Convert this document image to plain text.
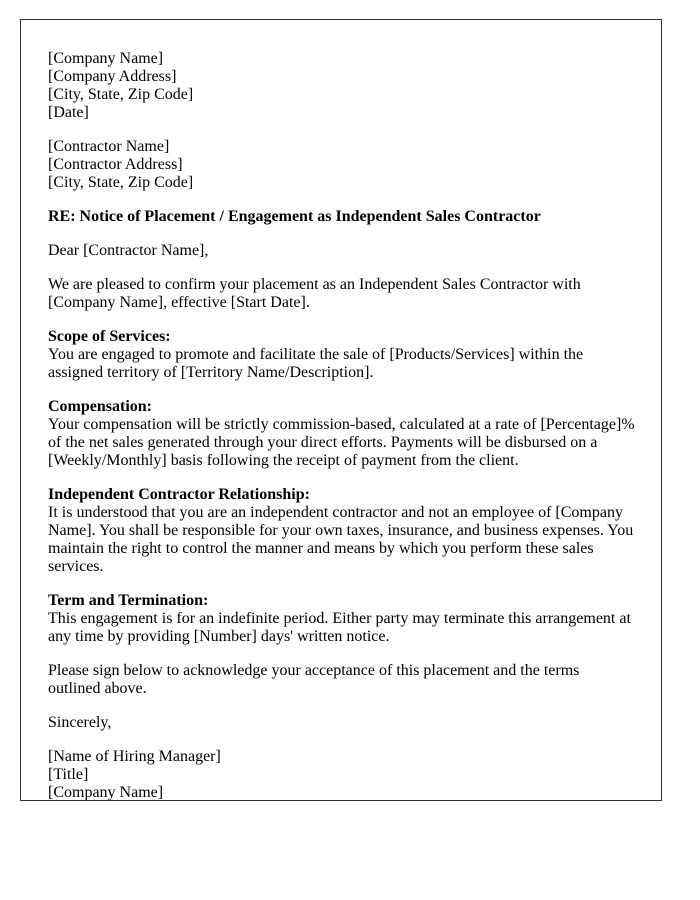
[Company Name]
[Company Address]
[City, State, Zip Code]
[Date]

[Contractor Name]
[Contractor Address]
[City, State, Zip Code]

RE: Notice of Placement / Engagement as Independent Sales Contractor

Dear [Contractor Name],

We are pleased to confirm your placement as an Independent Sales Contractor with [Company Name], effective [Start Date].

Scope of Services:
You are engaged to promote and facilitate the sale of [Products/Services] within the assigned territory of [Territory Name/Description].

Compensation:
Your compensation will be strictly commission-based, calculated at a rate of [Percentage]% of the net sales generated through your direct efforts. Payments will be disbursed on a [Weekly/Monthly] basis following the receipt of payment from the client.

Independent Contractor Relationship:
It is understood that you are an independent contractor and not an employee of [Company Name]. You shall be responsible for your own taxes, insurance, and business expenses. You maintain the right to control the manner and means by which you perform these sales services.

Term and Termination:
This engagement is for an indefinite period. Either party may terminate this arrangement at any time by providing [Number] days' written notice.

Please sign below to acknowledge your acceptance of this placement and the terms outlined above.

Sincerely,

[Name of Hiring Manager]
[Title]
[Company Name]
